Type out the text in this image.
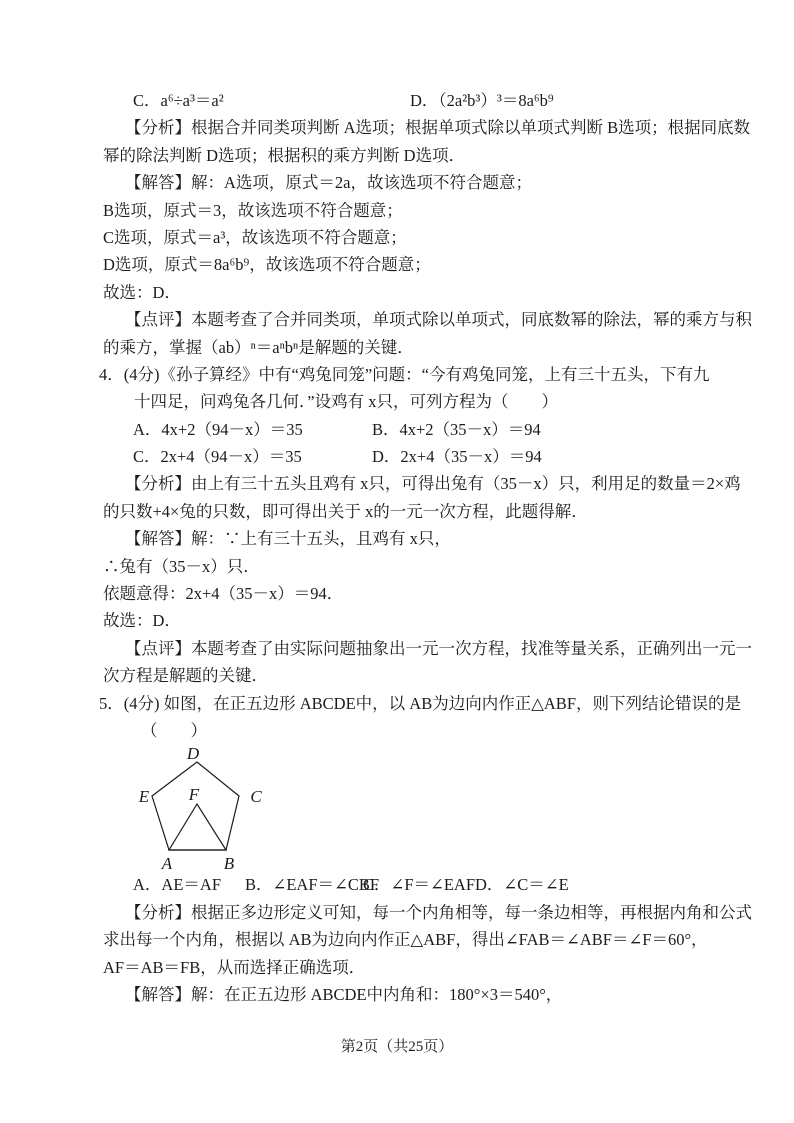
C．a⁶÷a³＝a²	D．（2a²b³）³＝8a⁶b⁹
【分析】根据合并同类项判断 A选项；根据单项式除以单项式判断 B选项；根据同底数
幂的除法判断 D选项；根据积的乘方判断 D选项．
【解答】解：A选项，原式＝2a，故该选项不符合题意；
B选项，原式＝3，故该选项不符合题意；
C选项，原式＝a³，故该选项不符合题意；
D选项，原式＝8a⁶b⁹，故该选项不符合题意；
故选：D．
【点评】本题考查了合并同类项，单项式除以单项式，同底数幂的除法，幂的乘方与积
的乘方，掌握（ab）ⁿ＝aⁿbⁿ是解题的关键．
4．(4分)《孙子算经》中有“鸡兔同笼”问题：“今有鸡兔同笼，上有三十五头，下有九
十四足，问鸡兔各几何．”设鸡有 x只，可列方程为（　　）
A．4x+2（94－x）＝35	B．4x+2（35－x）＝94
C．2x+4（94－x）＝35	D．2x+4（35－x）＝94
【分析】由上有三十五头且鸡有 x只，可得出兔有（35－x）只，利用足的数量＝2×鸡
的只数+4×兔的只数，即可得出关于 x的一元一次方程，此题得解．
【解答】解：∵上有三十五头，且鸡有 x只，
∴兔有（35－x）只．
依题意得：2x+4（35－x）＝94．
故选：D．
【点评】本题考查了由实际问题抽象出一元一次方程，找准等量关系，正确列出一元一
次方程是解题的关键．
5．(4分) 如图，在正五边形 ABCDE中，以 AB为边向内作正△ABF，则下列结论错误的是
（　　）
D
E	C
F
A	B
A．AE＝AF B．∠EAF＝∠CBFC．∠F＝∠EAFD．∠C＝∠E
【分析】根据正多边形定义可知，每一个内角相等，每一条边相等，再根据内角和公式
求出每一个内角，根据以 AB为边向内作正△ABF，得出∠FAB＝∠ABF＝∠F＝60°，
AF＝AB＝FB，从而选择正确选项．
【解答】解：在正五边形 ABCDE中内角和：180°×3＝540°，
第2页（共25页）
